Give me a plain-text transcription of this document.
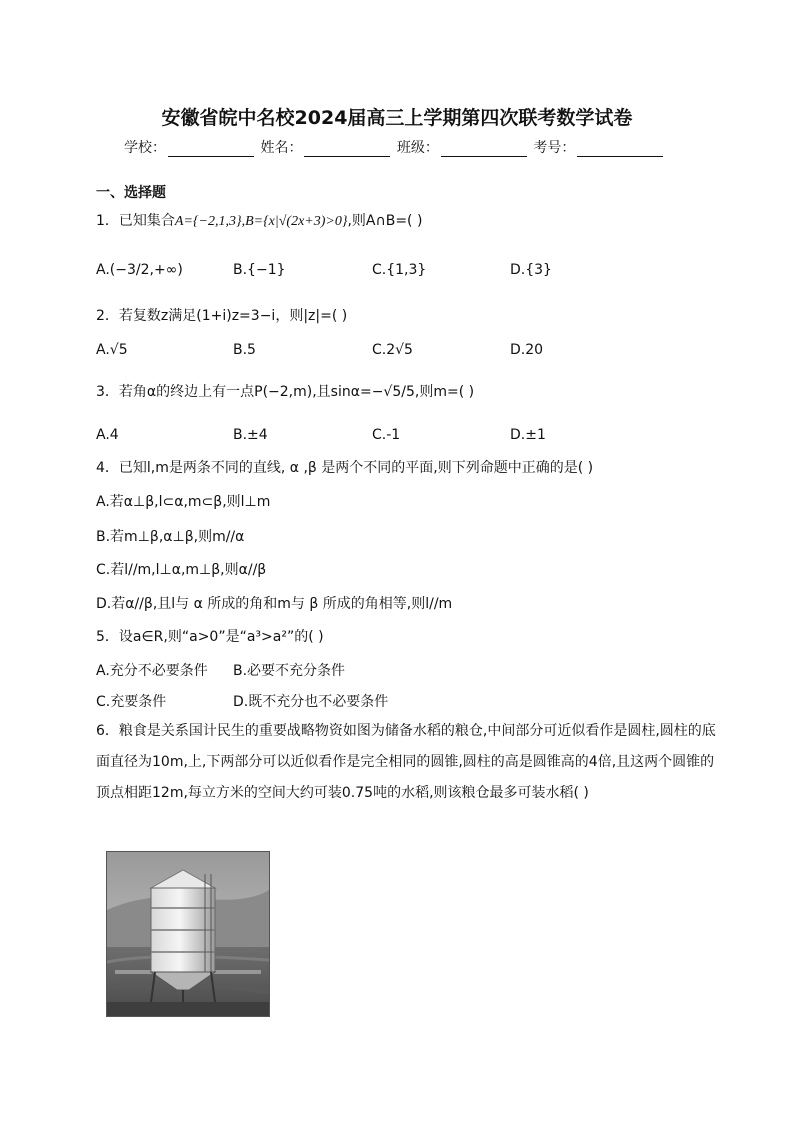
安徽省皖中名校2024届高三上学期第四次联考数学试卷
学校：	姓名：	班级：	考号：
一、选择题
1．已知集合A={−2,1,3},B={x|√(2x+3)>0},则A∩B=( )
A.(−3/2,+∞)	B.{−1}	C.{1,3}	D.{3}
2．若复数z满足(1+i)z=3−i，则|z|=( )
A.√5	B.5	C.2√5	D.20
3．若角α的终边上有一点P(−2,m),且sinα=−√5/5,则m=( )
A.4	B.±4	C.-1	D.±1
4．已知l,m是两条不同的直线, α ,β 是两个不同的平面,则下列命题中正确的是( )
A.若α⊥β,l⊂α,m⊂β,则l⊥m
B.若m⊥β,α⊥β,则m//α
C.若l//m,l⊥α,m⊥β,则α//β
D.若α//β,且l与 α 所成的角和m与 β 所成的角相等,则l//m
5．设a∈R,则“a>0”是“a³>a²”的( )
A.充分不必要条件 B.必要不充分条件
C.充要条件	D.既不充分也不必要条件
6．粮食是关系国计民生的重要战略物资如图为储备水稻的粮仓,中间部分可近似看作是圆柱,圆柱的底面直径为10m,上,下两部分可以近似看作是完全相同的圆锥,圆柱的高是圆锥高的4倍,且这两个圆锥的顶点相距12m,每立方米的空间大约可装0.75吨的水稻,则该粮仓最多可装水稻( )
